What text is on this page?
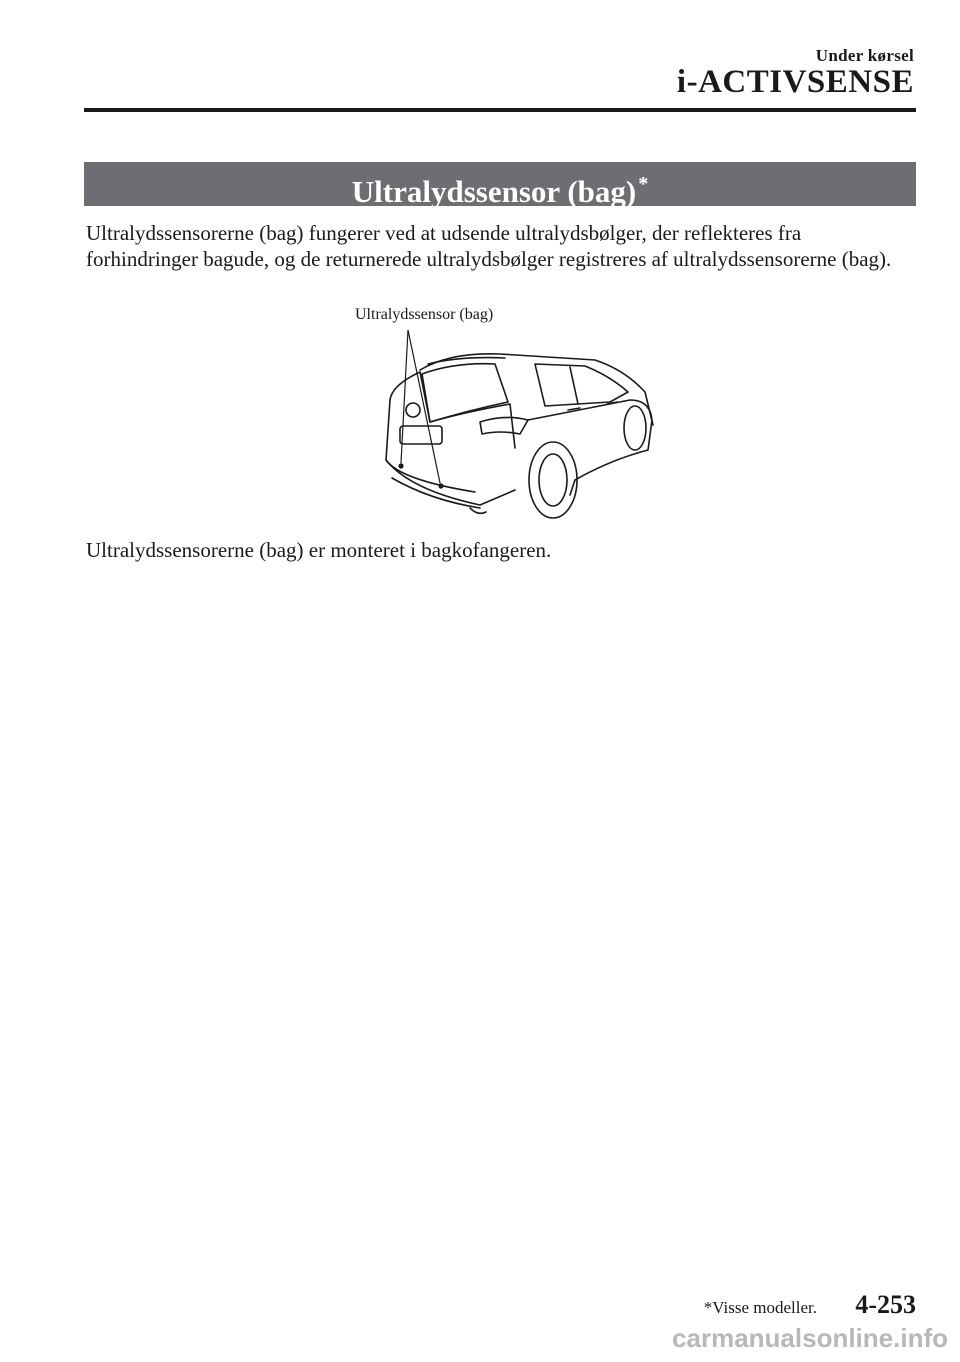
Under kørsel
i-ACTIVSENSE
Ultralydssensor (bag) *
Ultralydssensorerne (bag) fungerer ved at udsende ultralydsbølger, der reflekteres fra forhindringer bagude, og de returnerede ultralydsbølger registreres af ultralydssensorerne (bag).
Ultralydssensor (bag)
Ultralydssensorerne (bag) er monteret i bagkofangeren.
*Visse modeller. 4-253
carmanualsonline.info
